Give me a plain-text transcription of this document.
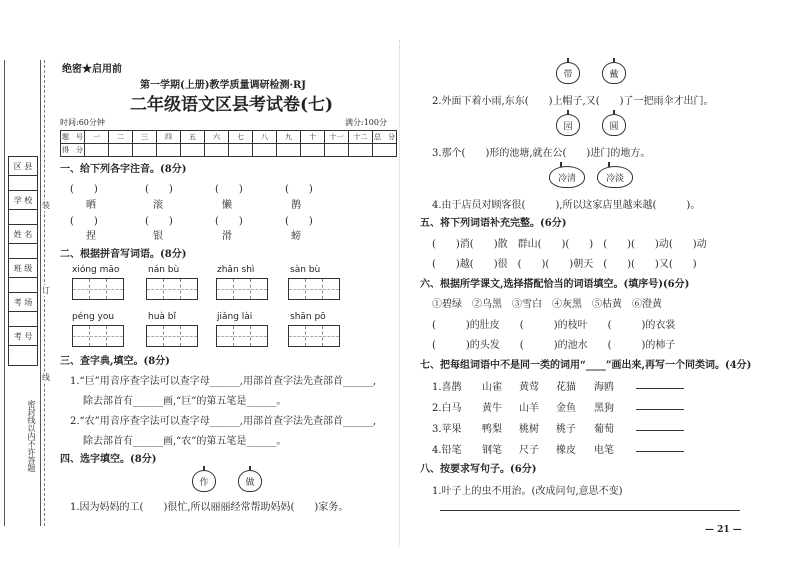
区 县
学 校
姓 名
班 级
考 场
考 号
装
订
线
密封线以内不许答题
绝密★启用前
第一学期(上册)教学质量调研检测·RJ
二年级语文区县考试卷(七)
时间:60分钟	满分:100分
题　号	一	二	三	四	五	六	七	八	九	十	十一	十二	总　分
得　分													
一、给下列各字注音。(8分)
(　　)	(　　)	(　　)	(　　)
晒	滚	懒	鹊
(　　)	(　　)	(　　)	(　　)
捏	银	滑	螃
二、根据拼音写词语。(8分)
xióng māo	nán bù	zhǎn shì	sàn bù
péng you	huà bǐ	jiǎng lài	shān pō
三、查字典,填空。(8分)
1.“巨”用音序查字法可以查字母______,用部首查字法先查部首______,
除去部首有______画,“巨”的第五笔是______。
2.“农”用音序查字法可以查字母______,用部首查字法先查部首______,
除去部首有______画,“农”的第五笔是______。
四、选字填空。(8分)
作	做
1.因为妈妈的工(　　)很忙,所以丽丽经常帮助妈妈(　　)家务。
带	戴
2.外面下着小雨,东东(　　)上帽子,又(　　)了一把雨伞才出门。
园	圆
3.那个(　　)形的池塘,就在公(　　)进门的地方。
冷清	冷淡
4.由于店员对顾客很(　　　),所以这家店里越来越(　　　)。
五、将下列词语补充完整。(6分)
(　　)消(　　)散　群山(　　)(　　)　(　　)(　　)动(　　)动
(　　)越(　　)很　(　　)(　　)朝天　(　　)(　　)又(　　)
六、根据所学课文,选择搭配恰当的词语填空。(填序号)(6分)
①碧绿　②乌黑　③雪白　④灰黑　⑤枯黄　⑥澄黄
(　　　)的肚皮　　(　　　)的枝叶　　(　　　)的衣裳
(　　　)的头发　　(　　　)的池水　　(　　　)的柿子
七、把每组词语中不是同一类的词用“____”画出来,再写一个同类词。(4分)
1.喜鹊 山雀 黄莺 花猫 海鸥
2.白马 黄牛 山羊 金鱼 黑狗
3.苹果 鸭梨 桃树 桃子 葡萄
4.铅笔 钢笔 尺子 橡皮 电笔
八、按要求写句子。(6分)
1.叶子上的虫不用治。(改成问句,意思不变)
— 21 —
